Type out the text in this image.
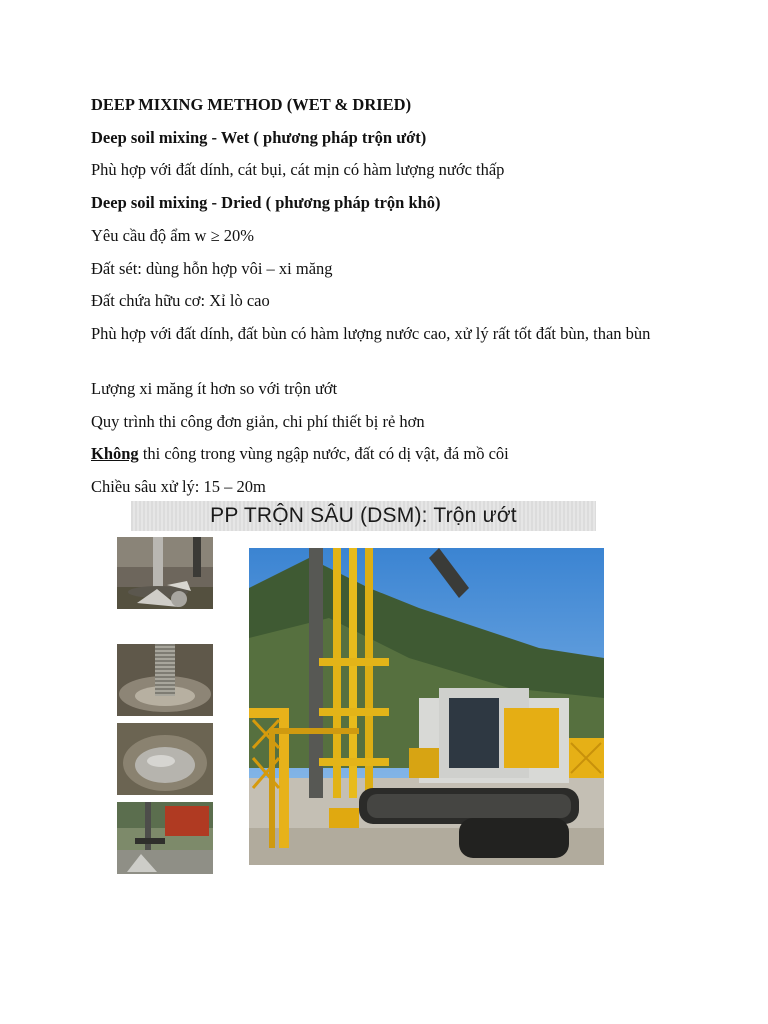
DEEP MIXING METHOD (WET & DRIED)
Deep soil mixing - Wet ( phương pháp trộn ướt)
Phù hợp với đất dính, cát bụi, cát mịn có hàm lượng nước thấp
Deep soil mixing - Dried ( phương pháp trộn khô)
Yêu cầu độ ẩm w ≥ 20%
Đất sét: dùng hỗn hợp vôi – xi măng
Đất chứa hữu cơ: Xỉ lò cao
Phù hợp với đất dính, đất bùn có hàm lượng nước cao, xử lý rất tốt đất bùn, than bùn
Lượng xi măng ít hơn so với trộn ướt
Quy trình thi công đơn giản, chi phí thiết bị rẻ hơn
Không thi công trong vùng ngập nước, đất có dị vật, đá mồ côi
Chiều sâu xử lý: 15 – 20m
PP TRỘN SÂU (DSM): Trộn ướt
